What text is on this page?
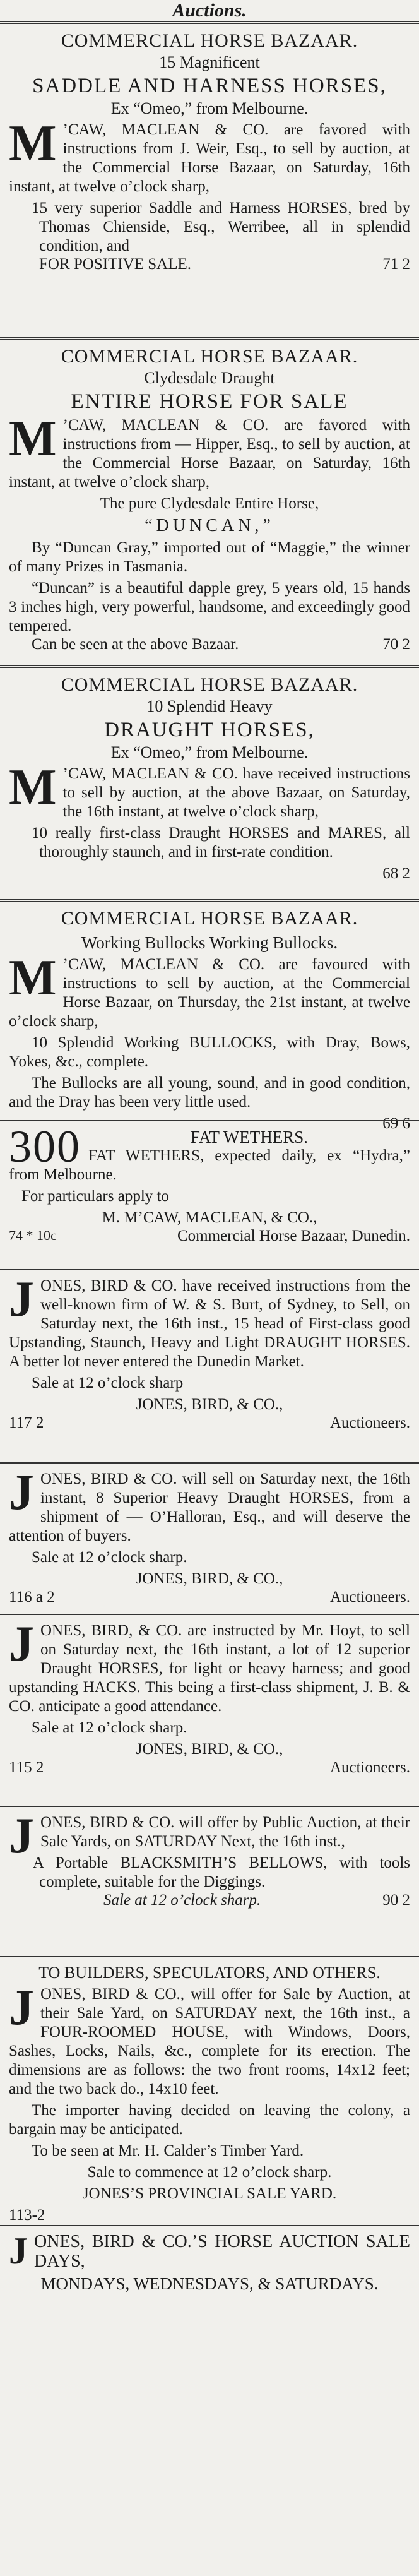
Auctions.
COMMERCIAL HORSE BAZAAR.
15 Magnificent
SADDLE AND HARNESS HORSES,
Ex “Omeo,” from Melbourne.
M ’CAW, MACLEAN & CO. are favored with instructions from J. Weir, Esq., to sell by auction, at the Commercial Horse Bazaar, on Saturday, 16th instant, at twelve o’clock sharp,
15 very superior Saddle and Harness HORSES, bred by Thomas Chienside, Esq., Werribee, all in splendid condition, and
FOR POSITIVE SALE.	71 2
COMMERCIAL HORSE BAZAAR.
Clydesdale Draught
ENTIRE HORSE FOR SALE
M ’CAW, MACLEAN & CO. are favored with instructions from — Hipper, Esq., to sell by auction, at the Commercial Horse Bazaar, on Saturday, 16th instant, at twelve o’clock sharp,
The pure Clydesdale Entire Horse,
“DUNCAN,”
By “Duncan Gray,” imported out of “Maggie,” the winner of many Prizes in Tasmania.
“Duncan” is a beautiful dapple grey, 5 years old, 15 hands 3 inches high, very powerful, handsome, and exceedingly good tempered.
Can be seen at the above Bazaar.	70 2
COMMERCIAL HORSE BAZAAR.
10 Splendid Heavy
DRAUGHT HORSES,
Ex “Omeo,” from Melbourne.
M ’CAW, MACLEAN & CO. have received instructions to sell by auction, at the above Bazaar, on Saturday, the 16th instant, at twelve o’clock sharp,
10 really first-class Draught HORSES and MARES, all thoroughly staunch, and in first-rate condition.
68 2
COMMERCIAL HORSE BAZAAR.
Working Bullocks Working Bullocks.
M ’CAW, MACLEAN & CO. are favoured with instructions to sell by auction, at the Commercial Horse Bazaar, on Thursday, the 21st instant, at twelve o’clock sharp,
10 Splendid Working BULLOCKS, with Dray, Bows, Yokes, &c., complete.
The Bullocks are all young, sound, and in good condition, and the Dray has been very little used.
69 6
300	FAT WETHERS.
FAT WETHERS, expected daily, ex “Hydra,” from Melbourne.
For particulars apply to
M. M’CAW, MACLEAN, & CO.,
74 * 10c	Commercial Horse Bazaar, Dunedin.
JONES, BIRD & CO. have received instructions from the well-known firm of W. & S. Burt, of Sydney, to Sell, on Saturday next, the 16th inst., 15 head of First-class good Upstanding, Staunch, Heavy and Light DRAUGHT HORSES. A better lot never entered the Dunedin Market.
Sale at 12 o’clock sharp
JONES, BIRD, & CO.,
117 2	Auctioneers.
JONES, BIRD & CO. will sell on Saturday next, the 16th instant, 8 Superior Heavy Draught HORSES, from a shipment of — O’Halloran, Esq., and will deserve the attention of buyers.
Sale at 12 o’clock sharp.
JONES, BIRD, & CO.,
116 a 2	Auctioneers.
JONES, BIRD, & CO. are instructed by Mr. Hoyt, to sell on Saturday next, the 16th instant, a lot of 12 superior Draught HORSES, for light or heavy harness; and good upstanding HACKS. This being a first-class shipment, J. B. & CO. anticipate a good attendance.
Sale at 12 o’clock sharp.
JONES, BIRD, & CO.,
115 2	Auctioneers.
JONES, BIRD & CO. will offer by Public Auction, at their Sale Yards, on SATURDAY Next, the 16th inst.,
A Portable BLACKSMITH’S BELLOWS, with tools complete, suitable for the Diggings.
Sale at 12 o’clock sharp.	90 2
TO BUILDERS, SPECULATORS, AND OTHERS.
JONES, BIRD & CO., will offer for Sale by Auction, at their Sale Yard, on SATURDAY next, the 16th inst., a FOUR-ROOMED HOUSE, with Windows, Doors, Sashes, Locks, Nails, &c., complete for its erection. The dimensions are as follows: the two front rooms, 14x12 feet; and the two back do., 14x10 feet.
The importer having decided on leaving the colony, a bargain may be anticipated.
To be seen at Mr. H. Calder’s Timber Yard.
Sale to commence at 12 o’clock sharp.
JONES’S PROVINCIAL SALE YARD.
113-2
JONES, BIRD & CO.’S HORSE AUCTION SALE DAYS,
MONDAYS, WEDNESDAYS, & SATURDAYS.
